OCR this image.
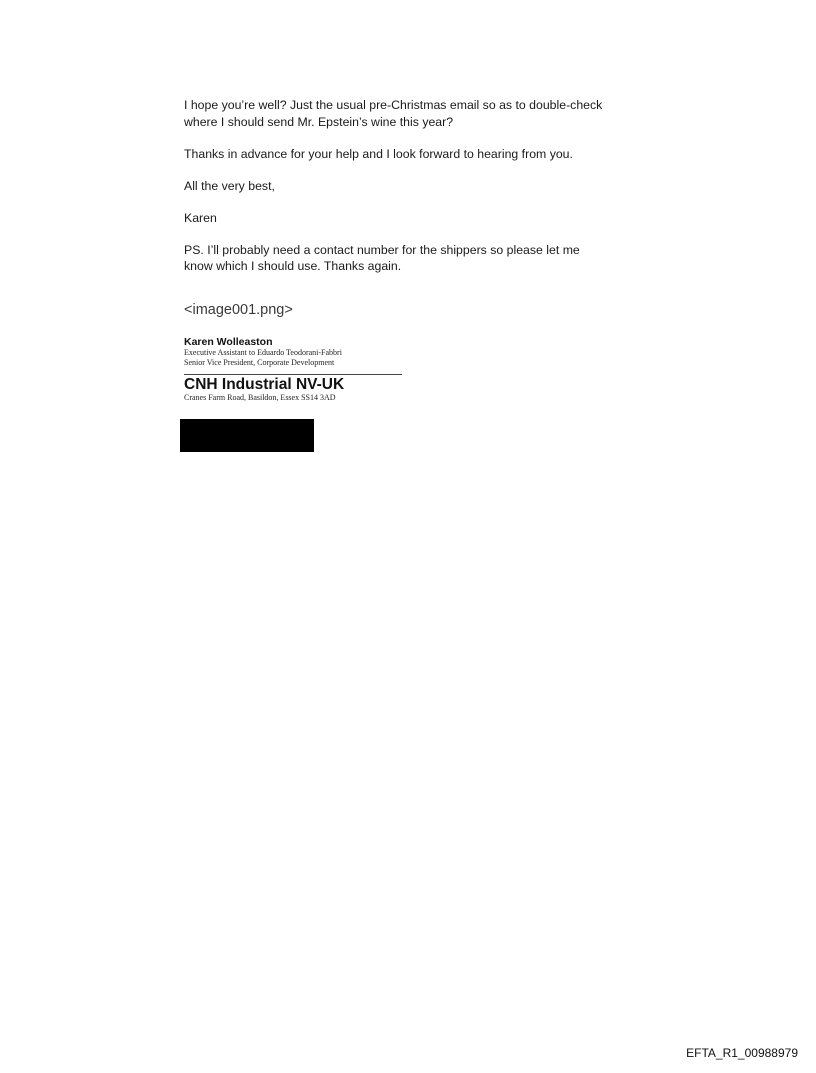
I hope you’re well? Just the usual pre-Christmas email so as to double-check
where I should send Mr. Epstein’s wine this year?

Thanks in advance for your help and I look forward to hearing from you.

All the very best,

Karen

PS. I’ll probably need a contact number for the shippers so please let me
know which I should use. Thanks again.

<image001.png>
Karen Wolleaston
Executive Assistant to Eduardo Teodorani-Fabbri
Senior Vice President, Corporate Development
CNH Industrial NV-UK
Cranes Farm Road, Basildon, Essex SS14 3AD
EFTA_R1_00988979
